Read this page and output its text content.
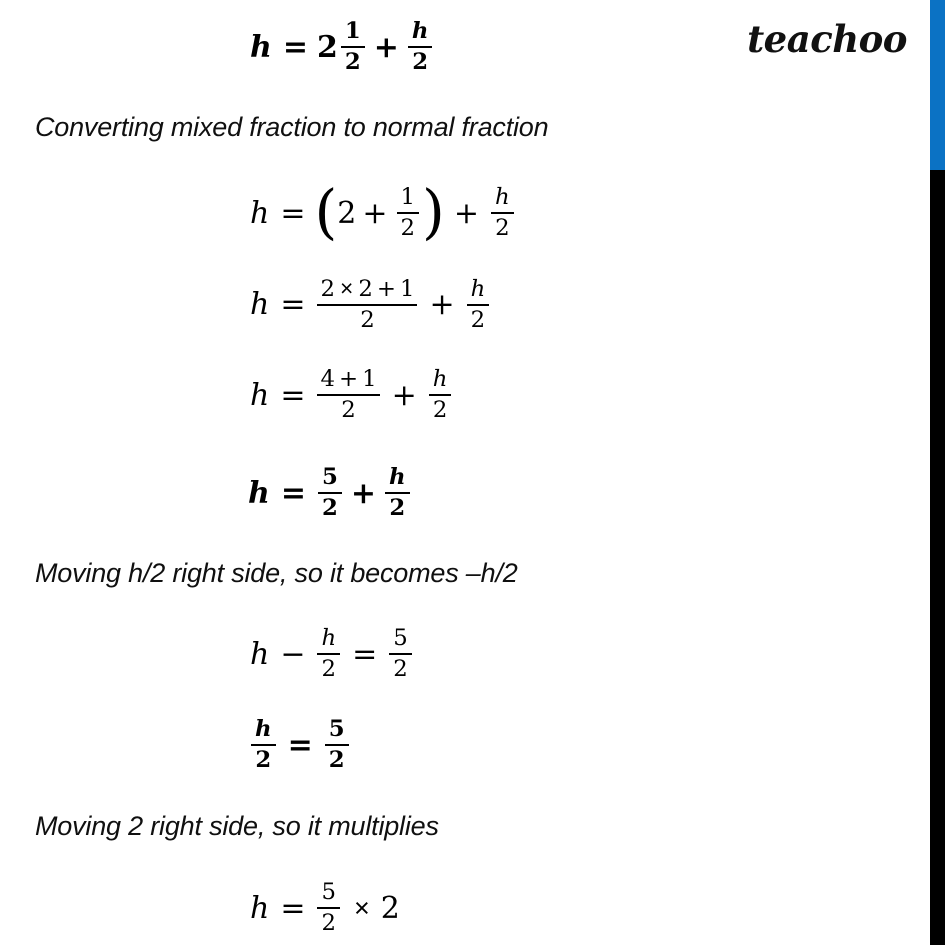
teachoo
$h = 2 \frac{1}{2} + \frac{h}{2}$
Converting mixed fraction to normal fraction
h = ( $2 + \frac{1}{2}$ ) + $\frac{h}{2}$
$h = \frac{2 \times 2 + 1}{2} + \frac{h}{2}$
$h = \frac{4 + 1}{2} + \frac{h}{2}$
$h = \frac{5}{2} + \frac{h}{2}$
Moving h/2 right side, so it becomes –h/2
$h - \frac{h}{2} = \frac{5}{2}$
$\frac{h}{2} = \frac{5}{2}$
Moving 2 right side, so it multiplies
$h = \frac{5}{2} \times 2$
